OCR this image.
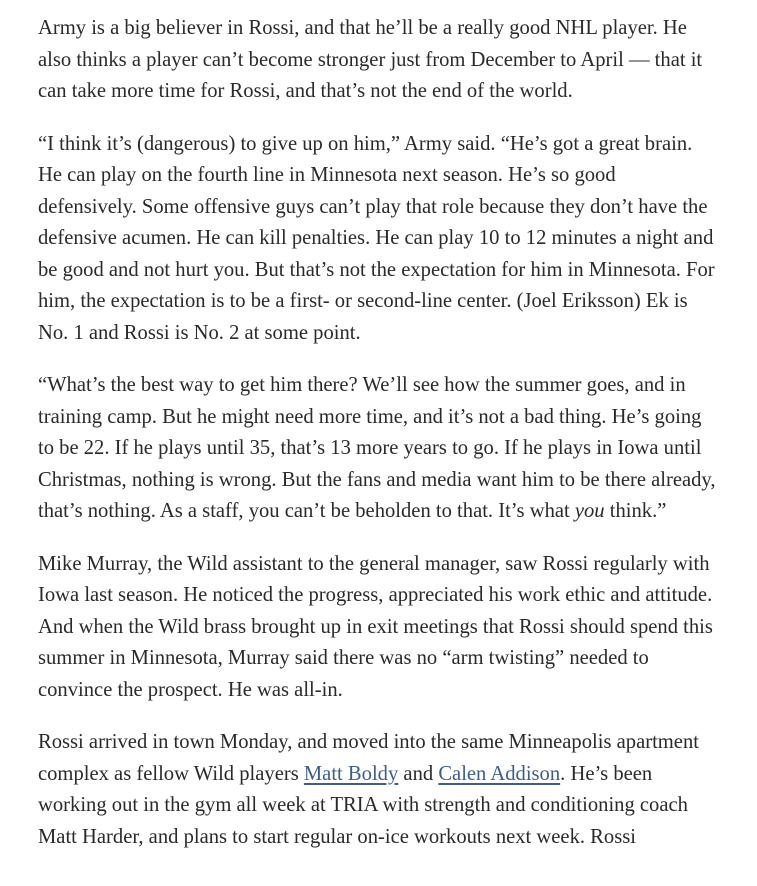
Army is a big believer in Rossi, and that he’ll be a really good NHL player. He also thinks a player can’t become stronger just from December to April — that it can take more time for Rossi, and that’s not the end of the world.

“I think it’s (dangerous) to give up on him,” Army said. “He’s got a great brain. He can play on the fourth line in Minnesota next season. He’s so good defensively. Some offensive guys can’t play that role because they don’t have the defensive acumen. He can kill penalties. He can play 10 to 12 minutes a night and be good and not hurt you. But that’s not the expectation for him in Minnesota. For him, the expectation is to be a first- or second-line center. (Joel Eriksson) Ek is No. 1 and Rossi is No. 2 at some point.

“What’s the best way to get him there? We’ll see how the summer goes, and in training camp. But he might need more time, and it’s not a bad thing. He’s going to be 22. If he plays until 35, that’s 13 more years to go. If he plays in Iowa until Christmas, nothing is wrong. But the fans and media want him to be there already, that’s nothing. As a staff, you can’t be beholden to that. It’s what you think.”

Mike Murray, the Wild assistant to the general manager, saw Rossi regularly with Iowa last season. He noticed the progress, appreciated his work ethic and attitude. And when the Wild brass brought up in exit meetings that Rossi should spend this summer in Minnesota, Murray said there was no “arm twisting” needed to convince the prospect. He was all-in.

Rossi arrived in town Monday, and moved into the same Minneapolis apartment complex as fellow Wild players Matt Boldy and Calen Addison. He’s been working out in the gym all week at TRIA with strength and conditioning coach Matt Harder, and plans to start regular on-ice workouts next week. Rossi
